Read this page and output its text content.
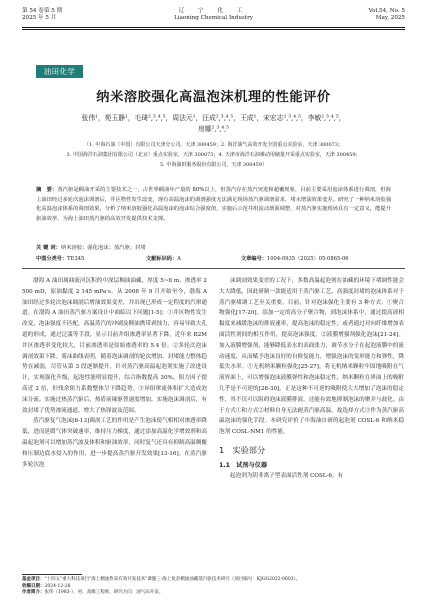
第 54 卷第 5 期
2025 年 5 月
辽 宁 化 工
Liaoning Chemical Industry
Vol.54, No. 5
May, 2025
油田化学
纳米溶胶强化高温泡沫机理的性能评价
张伟¹，苑玉静¹，毛琦²,³,⁴,⁵，周法元¹，汪成²,³,⁴,⁵，王成¹，宋宏志²,³,⁴,⁵，李敏²,³,⁴,⁵，
房娜²,³,⁴,⁵
（1. 中海石油（中国）有限公司天津分公司，天津 300459；2. 海洋油气高效开发全国重点实验室，天津 300073；
3. 中国海洋石油集团有限公司（北京）重点实验室，天津 300073；4. 天津市海洋石油难动用储量开采重点实验室，天津 300459；
5. 中海油田服务股份有限公司，天津 300459）
摘　要：蒸汽驱是稠油开采的主要技术之一，占世界稠油年产量的 80%以上，但蒸汽存在蒸汽突进和超覆现象，目前主要采用泡沫体系进行调剖，但海上油田经过多轮次泡沫调剖后，井区物性发生改变，现有高温泡沫的调剖强度无法满足现场蒸汽驱调剖需求，堵水增油效果变差。研究了一种纳米溶胶强化高温泡沫体系的调剖效果，分析了纳米溶胶强化高温泡沫的泡沫综合强度值，实施后示范井组流动剖面调整，对蒸汽驱实施现场具有一定意义，能提升驱油效率，为海上油田蒸汽驱的高效开发提供技术支撑。
关 键 词：纳米溶胶；强化泡沫；蒸汽驱；封堵
中图分类号：TE345	文献标识码：A	文章编号：1004-0935（2025）05-0865-06

渤海 A 油田属曲流河沉积的中深层稠油油藏，厚度 5~8 m，渗透率 2 500 mD，原油黏度 2 145 mPa·s。从 2008 年 9 月开始至今，渤海 A 油田经过多轮次泡沫调剖后增油效果变差，并出现已形成一定程度的汽窜通道。在渤海 A 油田蒸汽驱方案设计中面临以下问题[1-5]：①井区物性发生改变，泡沫强度不匹配。高温蒸汽的冲刷及稠油携带剥蚀力，容易导致大孔道的形成，通过泛滥等手段，显示目前井组渗透率显著下降，近年来 B2M 井区渗透率变化较大，目前渗透率是原始渗透率的 5.4 倍。②多轮次泡沫调剖效果下降。雾沫曲线表明，随着泡沫调剖的轮次增加，封堵能力整体趋势在减弱，尽管从第 3 段逐渐提升，针对蒸汽驱高温起泡剂实施了改进设计，实现强化升级，起泡性能明显提升，综合指数提高 30%，阻力因子提高近 2 倍，但残余阻力系数整体呈下降趋势。③异组窜流体积扩大造成泡沫分流。实施过热蒸汽驱后，热盾前缘驱替速度增加，实施泡沫调剖后，有效封堵了优势渗流通道，增大了热锋波及范围。

蒸汽驱复气泡沫[6-13]调剖工艺的作用是产生泡沫使气相相对渗透率降低，进而延缓气体突破速率，维持压力梯度，通过添加高温化学增效剂和高温起泡剂可以增加蒸汽波及体积和驱油效率，同时复气还具有抑制高温稠覆和压制边底水侵入的作用，进一步提高蒸汽驱开发效果[13-16]。在蒸汽驱多轮次泡

沫调剖效果变差的工况下，多数高温起泡剂在油藏的环境下堵调性能会大大降低，因此研制一款能适用于蒸汽驱工艺、高强度封堵的泡沫体系对于蒸汽驱堵调工艺至关重要。目前，针对泡沫强化主要有 3 种方式：①聚合物强化[17-20]。添加一定的高分子聚合物，到泡沫体系中，通过提高液相黏度来减缓泡沫的排液速率，提高泡沫的稳定性；或者通过对向纤维增加表面活性剂间的相互作用，提高泡沫强度。②液膜增强剂强化泡沫[21-24]。加入液膜增强剂，能够降低表水的表面张力，调节水分子在起泡液膜中的流动速度，从而赋予泡沫良好的自修复能力，增强泡沫的变形能力和弹性，降低失水率。③无机纳米颗粒强化[25-27]。将无机纳米颗粒牢固地吸附在气液界面上，可以增强泡沫液膜弹性和泡沫稳定性，纳米颗粒在界面上的吸附几乎是不可逆的[28-30]。正是这种不可逆的吸附使大大增加了泡沫的稳定性，其不仅可以阻碍泡沫液膜排液，还能有效地抑制泡沫的聚并与歧化。由于方式①和方式②材料自身无法耐蒸汽驱高温，故选择方式③作为蒸汽驱高温泡沫的强化手段。本研究评价了中海油自研的起泡剂 COSL-6 和纳米稳泡剂 COSL-NM1 的性能。

1　实验部分
1.1　试剂与仪器

起泡剂为阴非离子型表面活性剂 COSL-6，有

基金项目："十四五"重大科技项目"海上稠油热采有效开发技术"课题三-海上复杂稠油油藏蒸汽驱技术研究（项目编号：KJGG2022-0603）。
收稿日期：2024-12-28
作者简介：张伟（1983-），男，高级工程师，研究方向：油气田开发。
